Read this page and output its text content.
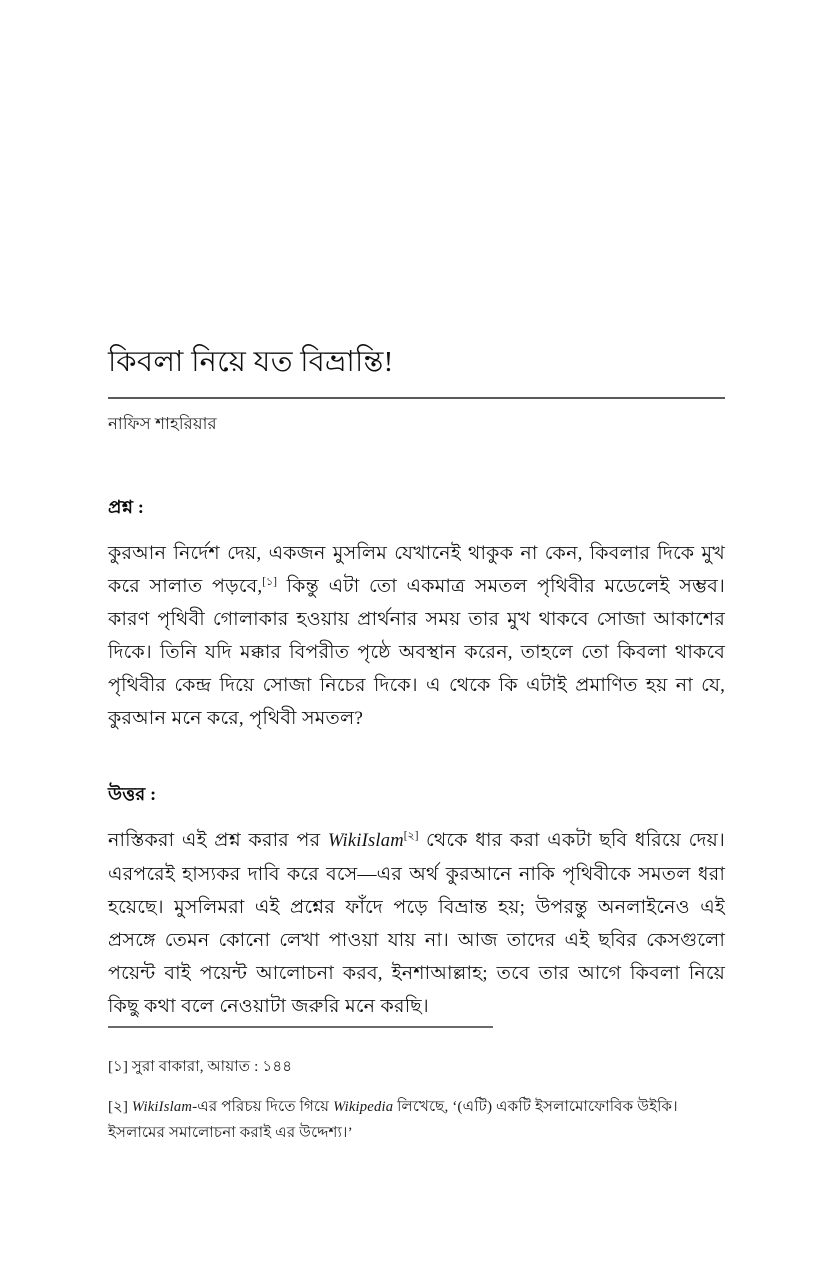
কিবলা নিয়ে যত বিভ্রান্তি!

নাফিস শাহরিয়ার

প্রশ্ন :

কুরআন নির্দেশ দেয়, একজন মুসলিম যেখানেই থাকুক না কেন, কিবলার দিকে মুখ করে সালাত পড়বে,[১] কিন্তু এটা তো একমাত্র সমতল পৃথিবীর মডেলেই সম্ভব। কারণ পৃথিবী গোলাকার হওয়ায় প্রার্থনার সময় তার মুখ থাকবে সোজা আকাশের দিকে। তিনি যদি মক্কার বিপরীত পৃষ্ঠে অবস্থান করেন, তাহলে তো কিবলা থাকবে পৃথিবীর কেন্দ্র দিয়ে সোজা নিচের দিকে। এ থেকে কি এটাই প্রমাণিত হয় না যে, কুরআন মনে করে, পৃথিবী সমতল?

উত্তর :

নাস্তিকরা এই প্রশ্ন করার পর WikiIslam[২] থেকে ধার করা একটা ছবি ধরিয়ে দেয়। এরপরেই হাস্যকর দাবি করে বসে—এর অর্থ কুরআনে নাকি পৃথিবীকে সমতল ধরা হয়েছে। মুসলিমরা এই প্রশ্নের ফাঁদে পড়ে বিভ্রান্ত হয়; উপরন্তু অনলাইনেও এই প্রসঙ্গে তেমন কোনো লেখা পাওয়া যায় না। আজ তাদের এই ছবির কেসগুলো পয়েন্ট বাই পয়েন্ট আলোচনা করব, ইনশাআল্লাহ; তবে তার আগে কিবলা নিয়ে কিছু কথা বলে নেওয়াটা জরুরি মনে করছি।

[১] সুরা বাকারা, আয়াত : ১৪৪

[২] WikiIslam-এর পরিচয় দিতে গিয়ে Wikipedia লিখেছে, ‘(এটি) একটি ইসলামোফোবিক উইকি। ইসলামের সমালোচনা করাই এর উদ্দেশ্য।’
